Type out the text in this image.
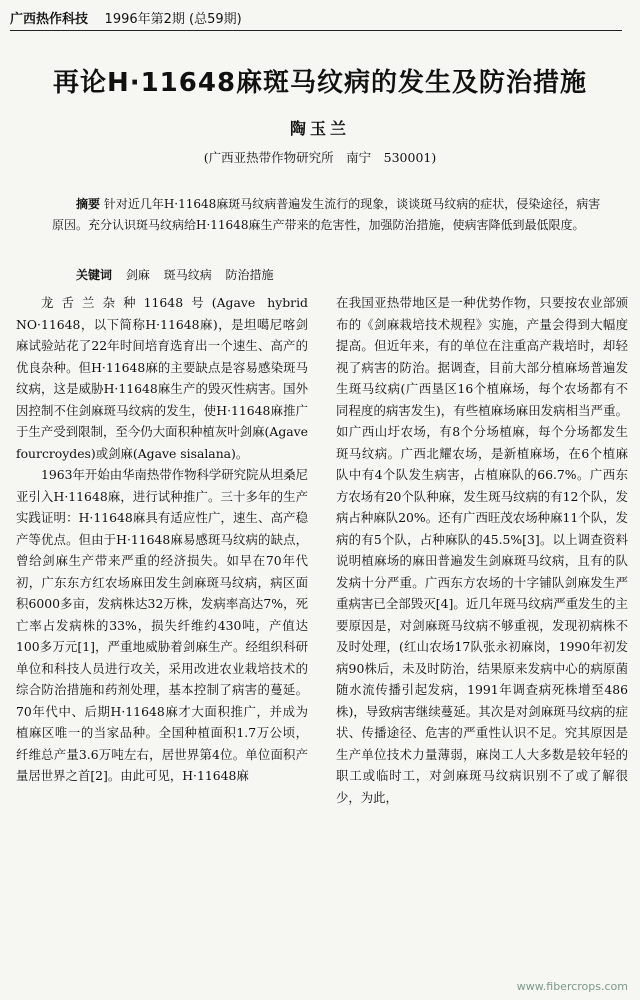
广西热作科技 1996年第2期 (总59期)
再论H·11648麻斑马纹病的发生及防治措施
陶玉兰
(广西亚热带作物研究所　南宁　530001)
摘要 针对近几年H·11648麻斑马纹病普遍发生流行的现象，谈谈斑马纹病的症状，侵染途径，病害原因。充分认识斑马纹病给H·11648麻生产带来的危害性，加强防治措施，使病害降低到最低限度。
关键词 剑麻 斑马纹病 防治措施

龙舌兰杂种11648号(Agave hybrid NO·11648，以下简称H·11648麻)，是坦噶尼喀剑麻试验站花了22年时间培育选育出一个速生、高产的优良杂种。但H·11648麻的主要缺点是容易感染斑马纹病，这是威胁H·11648麻生产的毁灭性病害。国外因控制不住剑麻斑马纹病的发生，使H·11648麻推广于生产受到限制，至今仍大面积种植灰叶剑麻(Agave fourcroydes)或剑麻(Agave sisalana)。

1963年开始由华南热带作物科学研究院从坦桑尼亚引入H·11648麻，进行试种推广。三十多年的生产实践证明：H·11648麻具有适应性广，速生、高产稳产等优点。但由于H·11648麻易感斑马纹病的缺点，曾给剑麻生产带来严重的经济损失。如早在70年代初，广东东方红农场麻田发生剑麻斑马纹病，病区面积6000多亩，发病株达32万株，发病率高达7%，死亡率占发病株的33%，损失纤维约430吨，产值达100多万元[1]，严重地威胁着剑麻生产。经组织科研单位和科技人员进行攻关，采用改进农业栽培技术的综合防治措施和药剂处理，基本控制了病害的蔓延。70年代中、后期H·11648麻才大面积推广，并成为植麻区唯一的当家品种。全国种植面积1.7万公顷，纤维总产量3.6万吨左右，居世界第4位。单位面积产量居世界之首[2]。由此可见，H·11648麻

在我国亚热带地区是一种优势作物，只要按农业部颁布的《剑麻栽培技术规程》实施，产量会得到大幅度提高。但近年来，有的单位在注重高产栽培时，却轻视了病害的防治。据调查，目前大部分植麻场普遍发生斑马纹病(广西垦区16个植麻场，每个农场都有不同程度的病害发生)，有些植麻场麻田发病相当严重。如广西山圩农场，有8个分场植麻，每个分场都发生斑马纹病。广西北耀农场，是新植麻场，在6个植麻队中有4个队发生病害，占植麻队的66.7%。广西东方农场有20个队种麻，发生斑马纹病的有12个队，发病占种麻队20%。还有广西旺茂农场种麻11个队，发病的有5个队，占种麻队的45.5%[3]。以上调查资料说明植麻场的麻田普遍发生剑麻斑马纹病，且有的队发病十分严重。广西东方农场的十字铺队剑麻发生严重病害已全部毁灭[4]。近几年斑马纹病严重发生的主要原因是，对剑麻斑马纹病不够重视，发现初病株不及时处理，(红山农场17队张永初麻岗，1990年初发病90株后，未及时防治，结果原来发病中心的病原菌随水流传播引起发病，1991年调查病死株增至486株)，导致病害继续蔓延。其次是对剑麻斑马纹病的症状、传播途径、危害的严重性认识不足。究其原因是生产单位技术力量薄弱，麻岗工人大多数是较年轻的职工或临时工，对剑麻斑马纹病识别不了或了解很少，为此，

www.fibercrops.com
